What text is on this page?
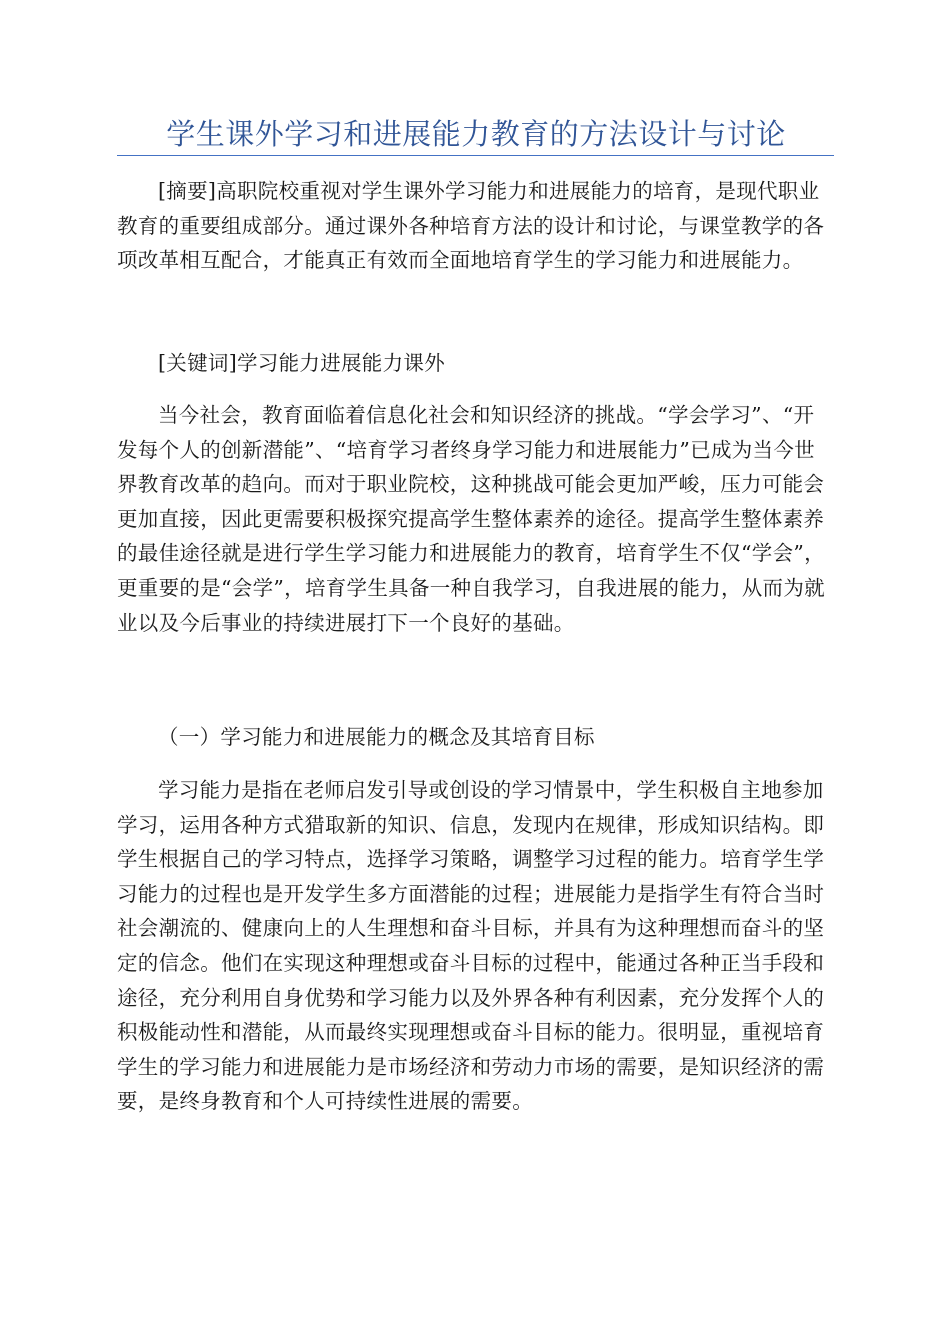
学生课外学习和进展能力教育的方法设计与讨论

[摘要]高职院校重视对学生课外学习能力和进展能力的培育，是现代职业教育的重要组成部分。通过课外各种培育方法的设计和讨论，与课堂教学的各项改革相互配合，才能真正有效而全面地培育学生的学习能力和进展能力。

[关键词]学习能力进展能力课外

当今社会，教育面临着信息化社会和知识经济的挑战。“学会学习”、“开发每个人的创新潜能”、“培育学习者终身学习能力和进展能力”已成为当今世界教育改革的趋向。而对于职业院校，这种挑战可能会更加严峻，压力可能会更加直接，因此更需要积极探究提高学生整体素养的途径。提高学生整体素养的最佳途径就是进行学生学习能力和进展能力的教育，培育学生不仅“学会”，更重要的是“会学”，培育学生具备一种自我学习，自我进展的能力，从而为就业以及今后事业的持续进展打下一个良好的基础。

（一）学习能力和进展能力的概念及其培育目标

学习能力是指在老师启发引导或创设的学习情景中，学生积极自主地参加学习，运用各种方式猎取新的知识、信息，发现内在规律，形成知识结构。即学生根据自己的学习特点，选择学习策略，调整学习过程的能力。培育学生学习能力的过程也是开发学生多方面潜能的过程；进展能力是指学生有符合当时社会潮流的、健康向上的人生理想和奋斗目标，并具有为这种理想而奋斗的坚定的信念。他们在实现这种理想或奋斗目标的过程中，能通过各种正当手段和途径，充分利用自身优势和学习能力以及外界各种有利因素，充分发挥个人的积极能动性和潜能，从而最终实现理想或奋斗目标的能力。很明显，重视培育学生的学习能力和进展能力是市场经济和劳动力市场的需要，是知识经济的需要，是终身教育和个人可持续性进展的需要。
